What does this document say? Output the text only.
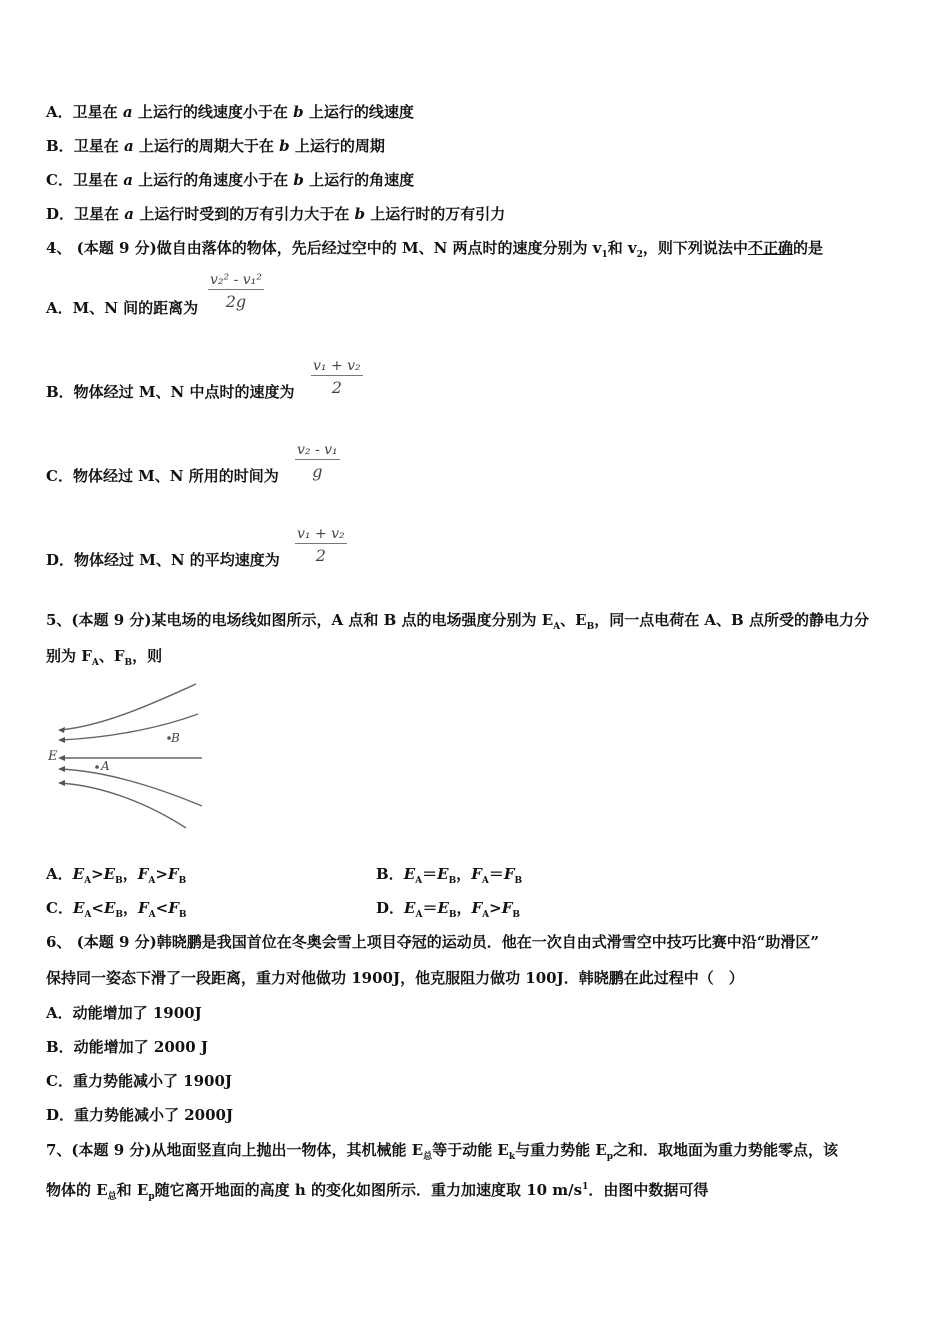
A．卫星在 a 上运行的线速度小于在 b 上运行的线速度
B．卫星在 a 上运行的周期大于在 b 上运行的周期
C．卫星在 a 上运行的角速度小于在 b 上运行的角速度
D．卫星在 a 上运行时受到的万有引力大于在 b 上运行时的万有引力
4、 (本题 9 分)做自由落体的物体，先后经过空中的 M、N 两点时的速度分别为 $v_1$和 $v_2$，则下列说法中不正确的是
A．M、N 间的距离为 $\frac{\text{v₂² - v₁²}}{2g}$
B．物体经过 M、N 中点时的速度为 $\frac{\text{v₁ + v₂}}{2}$
C．物体经过 M、N 所用的时间为 $\frac{\text{v₂ - v₁}}{g}$
D．物体经过 M、N 的平均速度为 $\frac{\text{v₁ + v₂}}{2}$
5、(本题 9 分)某电场的电场线如图所示，A 点和 B 点的电场强度分别为 $E_A$、$E_B$，同一点电荷在 A、B 点所受的静电力分
别为 $F_A$、$F_B$，则
E
B
A
A．$E_A>E_B$，$F_A>F_B$	B．$E_A=E_B$，$F_A=F_B$
C．$E_A<E_B$，$F_A<F_B$	D．$E_A=E_B$，$F_A>F_B$
6、 (本题 9 分)韩晓鹏是我国首位在冬奥会雪上项目夺冠的运动员．他在一次自由式滑雪空中技巧比赛中沿“助滑区”
保持同一姿态下滑了一段距离，重力对他做功 1900J，他克服阻力做功 100J．韩晓鹏在此过程中（　）
A．动能增加了 1900J
B．动能增加了 2000 J
C．重力势能减小了 1900J
D．重力势能减小了 2000J
7、(本题 9 分)从地面竖直向上抛出一物体，其机械能 $E_总$等于动能 $E_k$与重力势能 $E_p$之和．取地面为重力势能零点，该
物体的 $E_总$和 $E_p$随它离开地面的高度 h 的变化如图所示．重力加速度取 10 $m/s^1$．由图中数据可得
